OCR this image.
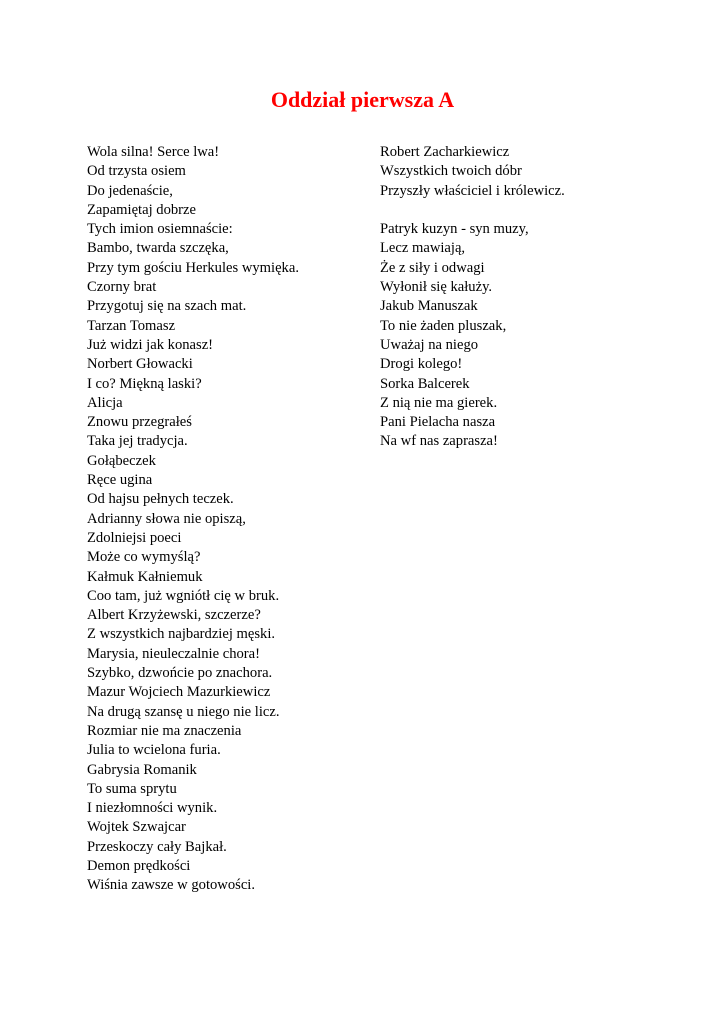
Oddział pierwsza A
Wola silna! Serce lwa!
Od trzysta osiem
Do jedenaście,
Zapamiętaj dobrze
Tych imion osiemnaście:
Bambo, twarda szczęka,
Przy tym gościu Herkules wymięka.
Czorny brat
Przygotuj się na szach mat.
Tarzan Tomasz
Już widzi jak konasz!
Norbert Głowacki
I co? Miękną laski?
Alicja
Znowu przegrałeś
Taka jej tradycja.
Gołąbeczek
Ręce ugina
Od hajsu pełnych teczek.
Adrianny słowa nie opiszą,
Zdolniejsi poeci
Może co wymyślą?
Kałmuk Kałniemuk
Coo tam, już wgniótł cię w bruk.
Albert Krzyżewski, szczerze?
Z wszystkich najbardziej męski.
Marysia, nieuleczalnie chora!
Szybko, dzwońcie po znachora.
Mazur Wojciech Mazurkiewicz
Na drugą szansę u niego nie licz.
Rozmiar nie ma znaczenia
Julia to wcielona furia.
Gabrysia Romanik
To suma sprytu
I niezłomności wynik.
Wojtek Szwajcar
Przeskoczy cały Bajkał.
Demon prędkości
Wiśnia zawsze w gotowości.
Robert Zacharkiewicz
Wszystkich twoich dóbr
Przyszły właściciel i królewicz.
Patryk kuzyn - syn muzy,
Lecz mawiają,
Że z siły i odwagi
Wyłonił się kałuży.
Jakub Manuszak
To nie żaden pluszak,
Uważaj na niego
Drogi kolego!
Sorka Balcerek
Z nią nie ma gierek.
Pani Pielacha nasza
Na wf nas zaprasza!
